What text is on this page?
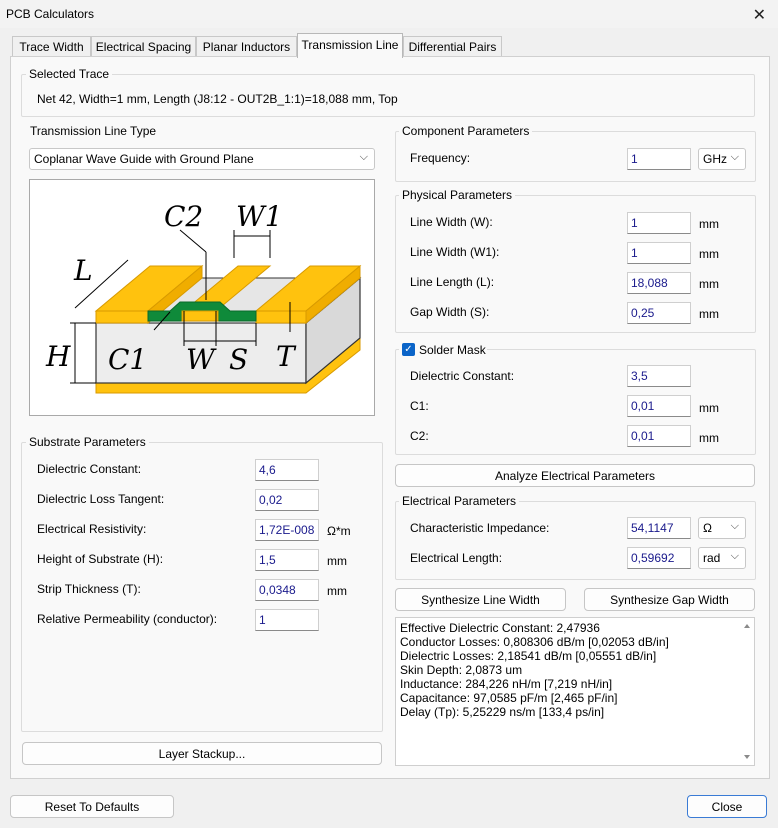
PCB Calculators	✕
Trace Width	Electrical Spacing Planar Inductors Transmission Line Differential Pairs
Selected Trace
Net 42, Width=1 mm, Length (J8:12 - OUT2B_1:1)=18,088 mm, Top
Transmission Line Type
Coplanar Wave Guide with Ground Plane	⌵
L
H C1
C2
W
W1
S T
Substrate Parameters
Dielectric Constant:	4,6
Dielectric Loss Tangent:	0,02
Electrical Resistivity:	1,72E-008	Ω*m
Height of Substrate (H):	1,5	mm
Strip Thickness (T):	0,0348	mm
Relative Permeability (conductor):	1
Layer Stackup...
Component Parameters
Frequency:	1	GHz ⌵
Physical Parameters
Line Width (W):	1	mm
Line Width (W1):	1	mm
Line Length (L):	18,088	mm
Gap Width (S):	0,25	mm
✓ Solder Mask
Dielectric Constant:	3,5
C1:	0,01	mm
C2:	0,01	mm
Analyze Electrical Parameters
Electrical Parameters
Characteristic Impedance:	54,1147	Ω ⌵
Electrical Length:	0,59692	rad ⌵
Synthesize Line Width	Synthesize Gap Width
Effective Dielectric Constant: 2,47936
Conductor Losses: 0,808306 dB/m [0,02053 dB/in]
Dielectric Losses: 2,18541 dB/m [0,05551 dB/in]
Skin Depth: 2,0873 um
Inductance: 284,226 nH/m [7,219 nH/in]
Capacitance: 97,0585 pF/m [2,465 pF/in]
Delay (Tp): 5,25229 ns/m [133,4 ps/in]
Reset To Defaults	Close
